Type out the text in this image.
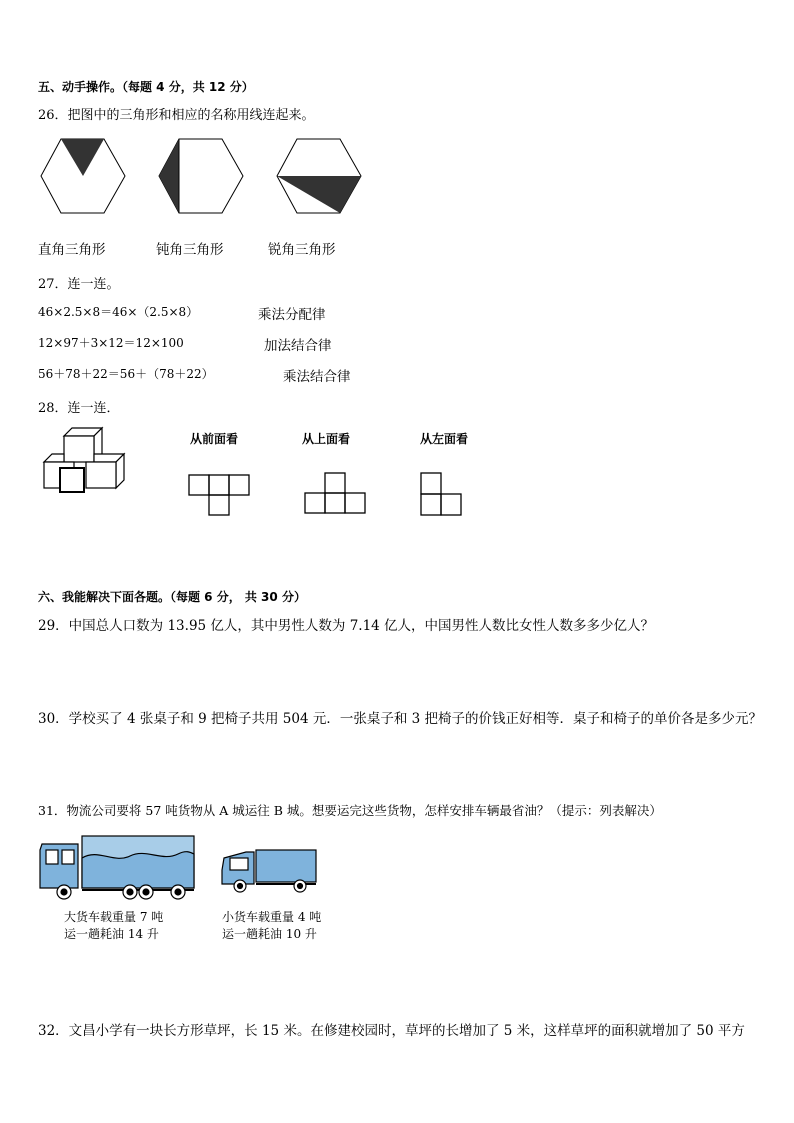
五、动手操作。（每题 4 分，共 12 分）
26．把图中的三角形和相应的名称用线连起来。
直角三角形	钝角三角形	锐角三角形
27．连一连。
46×2.5×8＝46×（2.5×8）
12×97＋3×12＝12×100
56＋78＋22＝56＋（78＋22）
乘法分配律
加法结合律
乘法结合律
28．连一连．
从前面看	从上面看	从左面看
六、我能解决下面各题。（每题 6 分， 共 30 分）
29．中国总人口数为 13.95 亿人，其中男性人数为 7.14 亿人，中国男性人数比女性人数多多少亿人？
30．学校买了 4 张桌子和 9 把椅子共用 504 元．一张桌子和 3 把椅子的价钱正好相等．桌子和椅子的单价各是多少元？
31．物流公司要将 57 吨货物从 A 城运往 B 城。想要运完这些货物，怎样安排车辆最省油？（提示：列表解决）
大货车载重量 7 吨
运一趟耗油 14 升
小货车载重量 4 吨
运一趟耗油 10 升
32．文昌小学有一块长方形草坪，长 15 米。在修建校园时，草坪的长增加了 5 米，这样草坪的面积就增加了 50 平方
